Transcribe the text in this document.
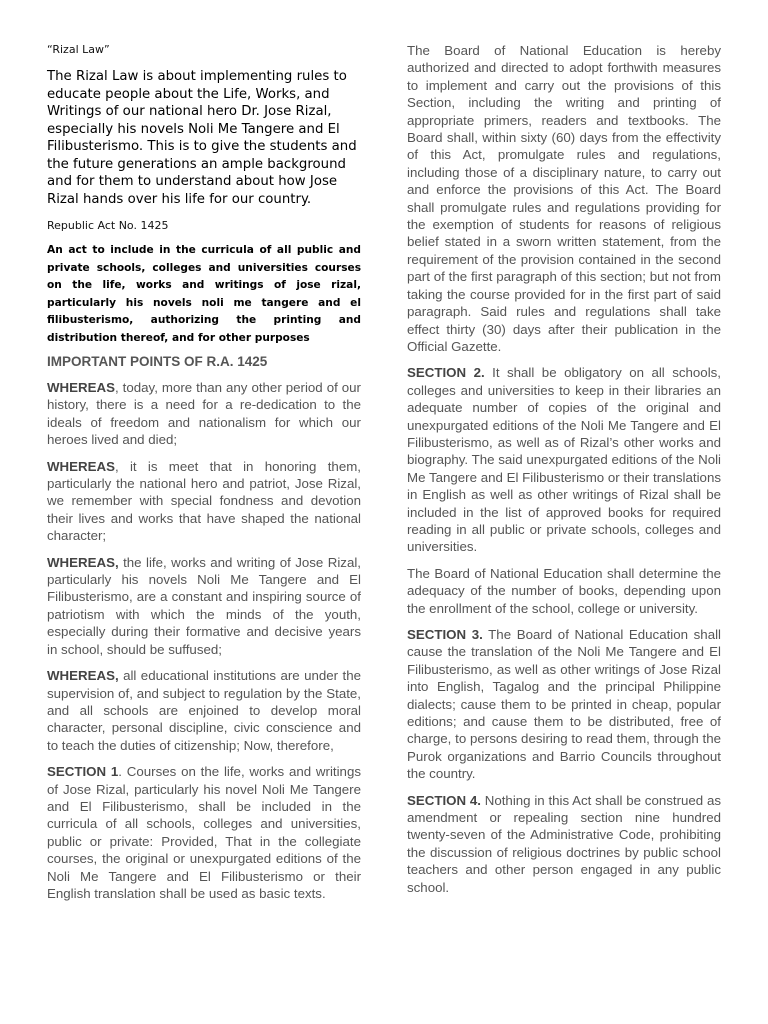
“Rizal Law”

The Rizal Law is about implementing rules to educate people about the Life, Works, and Writings of our national hero Dr. Jose Rizal, especially his novels Noli Me Tangere and El Filibusterismo. This is to give the students and the future generations an ample background and for them to understand about how Jose Rizal hands over his life for our country.

Republic Act No. 1425

An act to include in the curricula of all public and private schools, colleges and universities courses on the life, works and writings of jose rizal, particularly his novels noli me tangere and el filibusterismo, authorizing the printing and distribution thereof, and for other purposes

IMPORTANT POINTS OF R.A. 1425

WHEREAS, today, more than any other period of our history, there is a need for a re-dedication to the ideals of freedom and nationalism for which our heroes lived and died;

WHEREAS, it is meet that in honoring them, particularly the national hero and patriot, Jose Rizal, we remember with special fondness and devotion their lives and works that have shaped the national character;

WHEREAS, the life, works and writing of Jose Rizal, particularly his novels Noli Me Tangere and El Filibusterismo, are a constant and inspiring source of patriotism with which the minds of the youth, especially during their formative and decisive years in school, should be suffused;

WHEREAS, all educational institutions are under the supervision of, and subject to regulation by the State, and all schools are enjoined to develop moral character, personal discipline, civic conscience and to teach the duties of citizenship; Now, therefore,

SECTION 1. Courses on the life, works and writings of Jose Rizal, particularly his novel Noli Me Tangere and El Filibusterismo, shall be included in the curricula of all schools, colleges and universities, public or private: Provided, That in the collegiate courses, the original or unexpurgated editions of the Noli Me Tangere and El Filibusterismo or their English translation shall be used as basic texts.

The Board of National Education is hereby authorized and directed to adopt forthwith measures to implement and carry out the provisions of this Section, including the writing and printing of appropriate primers, readers and textbooks. The Board shall, within sixty (60) days from the effectivity of this Act, promulgate rules and regulations, including those of a disciplinary nature, to carry out and enforce the provisions of this Act. The Board shall promulgate rules and regulations providing for the exemption of students for reasons of religious belief stated in a sworn written statement, from the requirement of the provision contained in the second part of the first paragraph of this section; but not from taking the course provided for in the first part of said paragraph. Said rules and regulations shall take effect thirty (30) days after their publication in the Official Gazette.

SECTION 2. It shall be obligatory on all schools, colleges and universities to keep in their libraries an adequate number of copies of the original and unexpurgated editions of the Noli Me Tangere and El Filibusterismo, as well as of Rizal’s other works and biography. The said unexpurgated editions of the Noli Me Tangere and El Filibusterismo or their translations in English as well as other writings of Rizal shall be included in the list of approved books for required reading in all public or private schools, colleges and universities.

The Board of National Education shall determine the adequacy of the number of books, depending upon the enrollment of the school, college or university.

SECTION 3. The Board of National Education shall cause the translation of the Noli Me Tangere and El Filibusterismo, as well as other writings of Jose Rizal into English, Tagalog and the principal Philippine dialects; cause them to be printed in cheap, popular editions; and cause them to be distributed, free of charge, to persons desiring to read them, through the Purok organizations and Barrio Councils throughout the country.

SECTION 4. Nothing in this Act shall be construed as amendment or repealing section nine hundred twenty-seven of the Administrative Code, prohibiting the discussion of religious doctrines by public school teachers and other person engaged in any public school.
